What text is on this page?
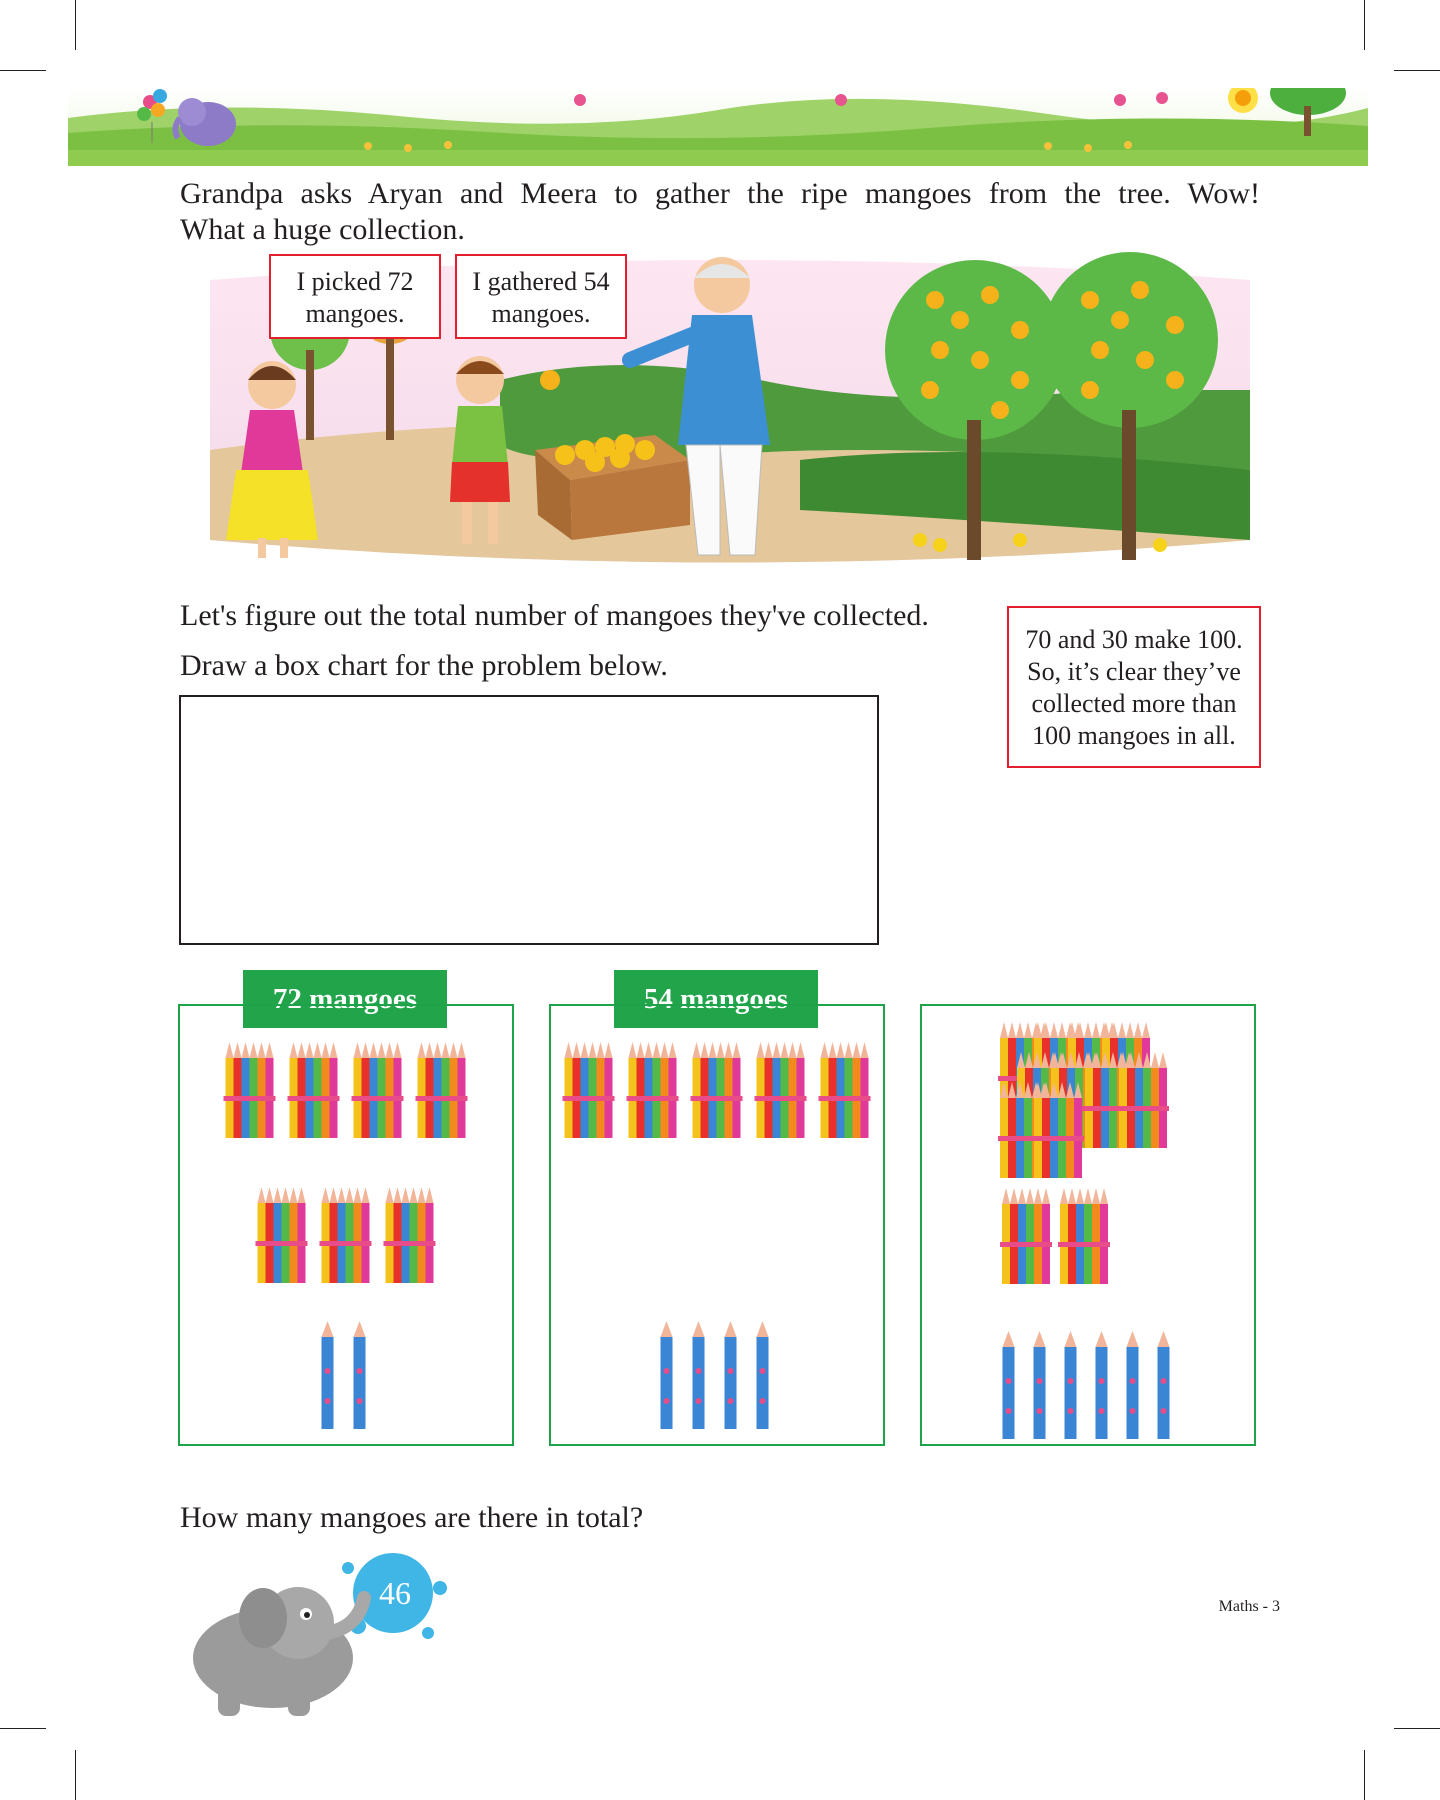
Grandpa asks Aryan and Meera to gather the ripe mangoes from the tree. Wow!
What a huge collection.
I picked 72
mangoes.
I gathered 54
mangoes.
Let's figure out the total number of mangoes they've collected.
Draw a box chart for the problem below.
70 and 30 make 100.
So, it’s clear they’ve
collected more than
100 mangoes in all.
72 mangoes	54 mangoes
How many mangoes are there in total?
46	Maths - 3
